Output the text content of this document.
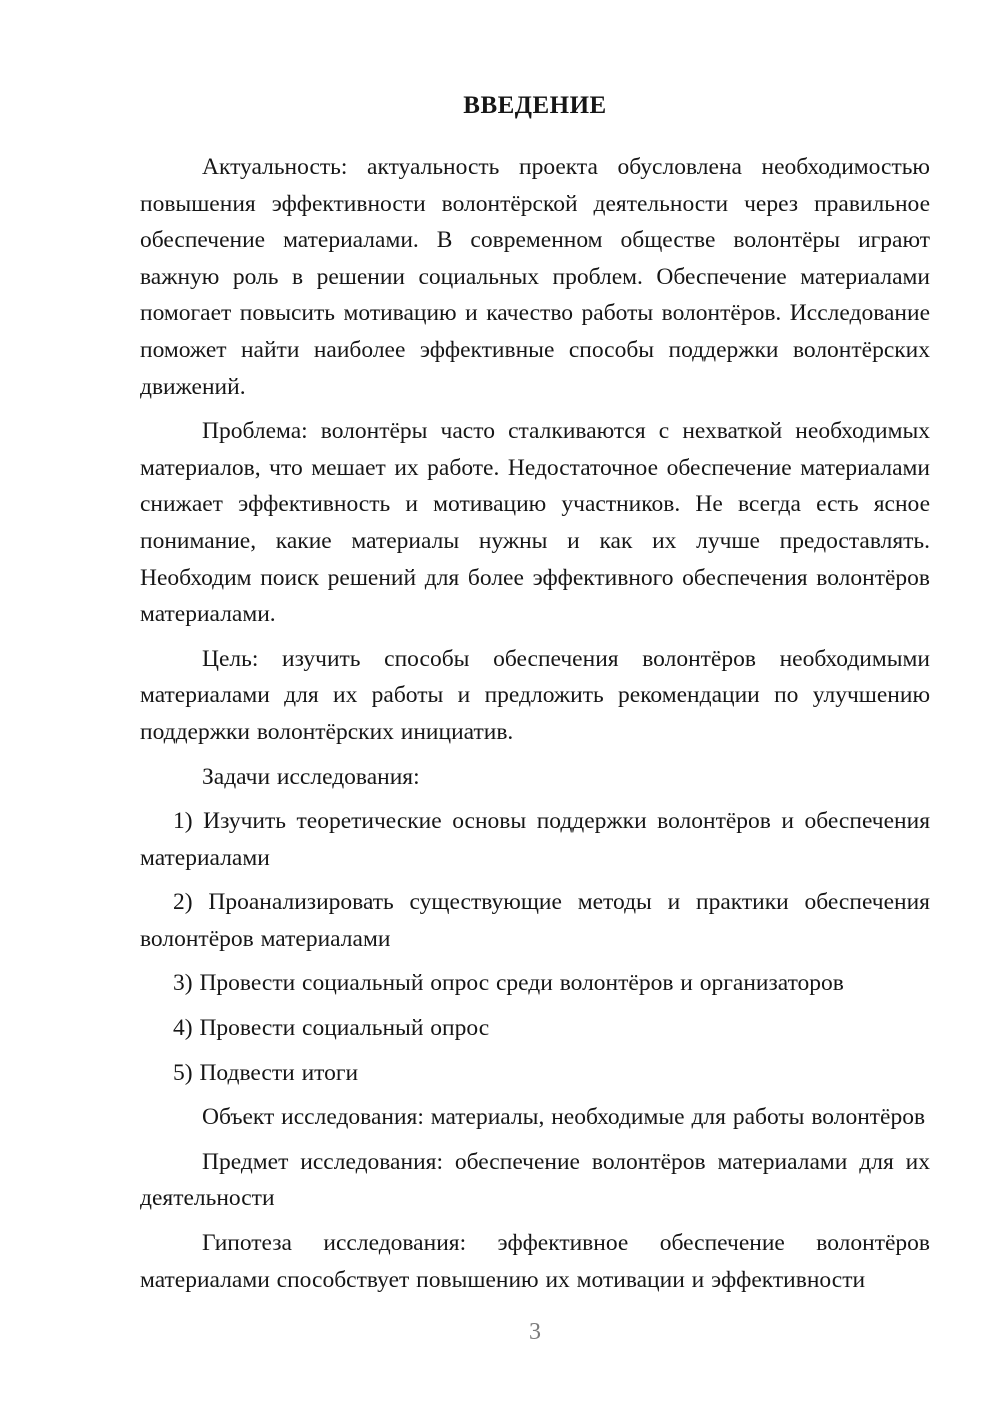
ВВЕДЕНИЕ

Актуальность: актуальность проекта обусловлена необходимостью повышения эффективности волонтёрской деятельности через правильное обеспечение материалами. В современном обществе волонтёры играют важную роль в решении социальных проблем. Обеспечение материалами помогает повысить мотивацию и качество работы волонтёров. Исследование поможет найти наиболее эффективные способы поддержки волонтёрских движений.

Проблема: волонтёры часто сталкиваются с нехваткой необходимых материалов, что мешает их работе. Недостаточное обеспечение материалами снижает эффективность и мотивацию участников. Не всегда есть ясное понимание, какие материалы нужны и как их лучше предоставлять. Необходим поиск решений для более эффективного обеспечения волонтёров материалами.

Цель: изучить способы обеспечения волонтёров необходимыми материалами для их работы и предложить рекомендации по улучшению поддержки волонтёрских инициатив.

Задачи исследования:

1) Изучить теоретические основы поддержки волонтёров и обеспечения материалами

2) Проанализировать существующие методы и практики обеспечения волонтёров материалами

3) Провести социальный опрос среди волонтёров и организаторов

4) Провести социальный опрос

5) Подвести итоги

Объект исследования: материалы, необходимые для работы волонтёров

Предмет исследования: обеспечение волонтёров материалами для их деятельности

Гипотеза исследования: эффективное обеспечение волонтёров материалами способствует повышению их мотивации и эффективности

3
